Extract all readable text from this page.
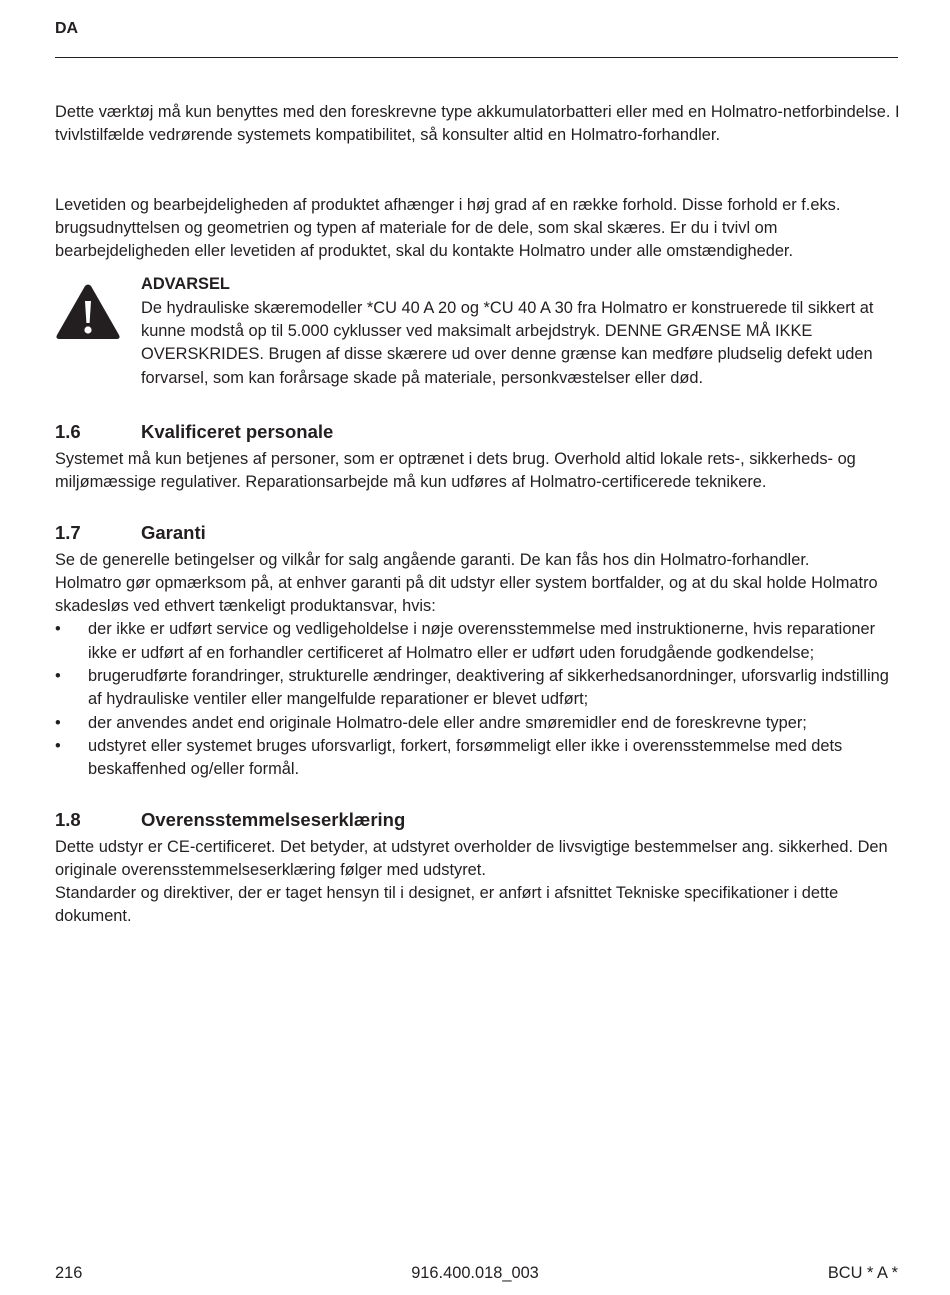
DA

Dette værktøj må kun benyttes med den foreskrevne type akkumulatorbatteri eller med en Holmatro-netforbindelse. I tvivlstilfælde vedrørende systemets kompatibilitet, så konsulter altid en Holmatro-forhandler.

Levetiden og bearbejdeligheden af produktet afhænger i høj grad af en række forhold. Disse forhold er f.eks. brugsudnyttelsen og geometrien og typen af materiale for de dele, som skal skæres. Er du i tvivl om bearbejdeligheden eller levetiden af produktet, skal du kontakte Holmatro under alle omstændigheder.

ADVARSEL
De hydrauliske skæremodeller *CU 40 A 20 og *CU 40 A 30 fra Holmatro er konstruerede til sikkert at kunne modstå op til 5.000 cyklusser ved maksimalt arbejdstryk. DENNE GRÆNSE MÅ IKKE OVERSKRIDES. Brugen af disse skærere ud over denne grænse kan medføre pludselig defekt uden forvarsel, som kan forårsage skade på materiale, personkvæstelser eller død.
1.6	Kvalificeret personale

Systemet må kun betjenes af personer, som er optrænet i dets brug. Overhold altid lokale rets-, sikkerheds- og miljømæssige regulativer. Reparationsarbejde må kun udføres af Holmatro-certificerede teknikere.

1.7	Garanti

Se de generelle betingelser og vilkår for salg angående garanti. De kan fås hos din Holmatro-forhandler.

Holmatro gør opmærksom på, at enhver garanti på dit udstyr eller system bortfalder, og at du skal holde Holmatro skadesløs ved ethvert tænkeligt produktansvar, hvis:

• der ikke er udført service og vedligeholdelse i nøje overensstemmelse med instruktionerne, hvis reparationer ikke er udført af en forhandler certificeret af Holmatro eller er udført uden forudgående godkendelse;
• brugerudførte forandringer, strukturelle ændringer, deaktivering af sikkerhedsanordninger, uforsvarlig indstilling af hydrauliske ventiler eller mangelfulde reparationer er blevet udført;
• der anvendes andet end originale Holmatro-dele eller andre smøremidler end de foreskrevne typer;
• udstyret eller systemet bruges uforsvarligt, forkert, forsømmeligt eller ikke i overensstemmelse med dets beskaffenhed og/eller formål.
1.8	Overensstemmelseserklæring

Dette udstyr er CE-certificeret. Det betyder, at udstyret overholder de livsvigtige bestemmelser ang. sikkerhed. Den originale overensstemmelseserklæring følger med udstyret.

Standarder og direktiver, der er taget hensyn til i designet, er anført i afsnittet Tekniske specifikationer i dette dokument.

216	916.400.018_003	BCU * A *
